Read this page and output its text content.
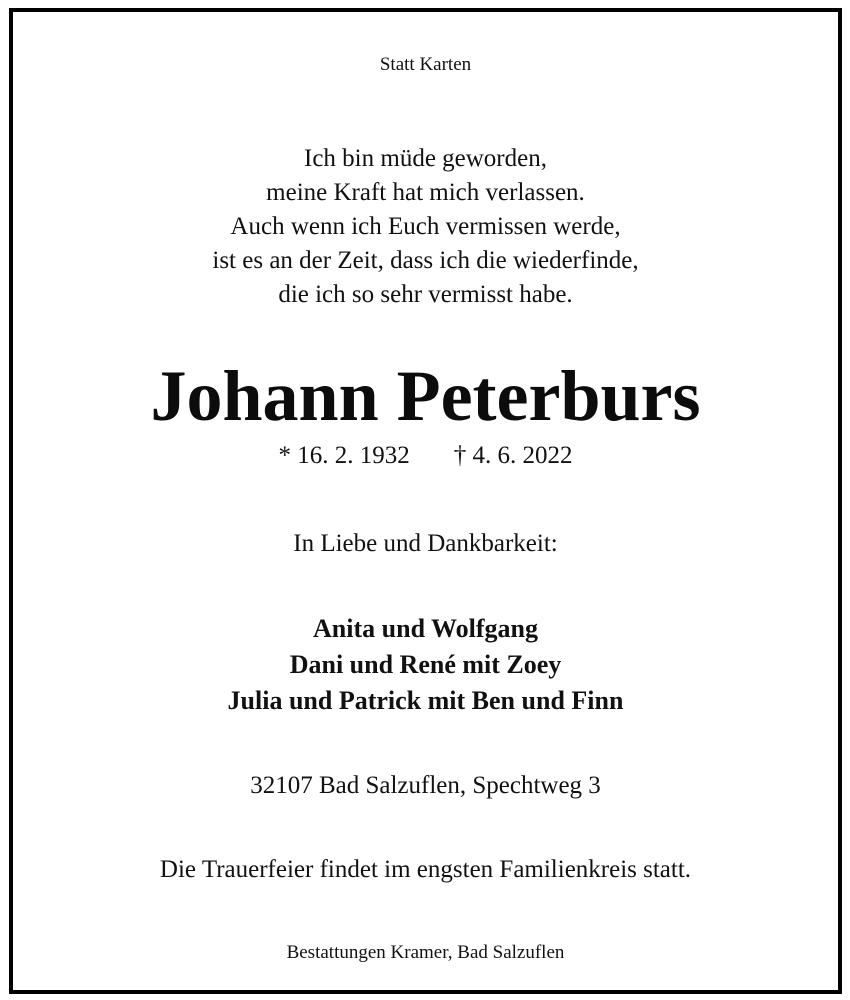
Statt Karten

Ich bin müde geworden,
meine Kraft hat mich verlassen.
Auch wenn ich Euch vermissen werde,
ist es an der Zeit, dass ich die wiederfinde,
die ich so sehr vermisst habe.

Johann Peterburs

* 16. 2. 1932 † 4. 6. 2022

In Liebe und Dankbarkeit:

Anita und Wolfgang
Dani und René mit Zoey
Julia und Patrick mit Ben und Finn

32107 Bad Salzuflen, Spechtweg 3

Die Trauerfeier findet im engsten Familienkreis statt.

Bestattungen Kramer, Bad Salzuflen
